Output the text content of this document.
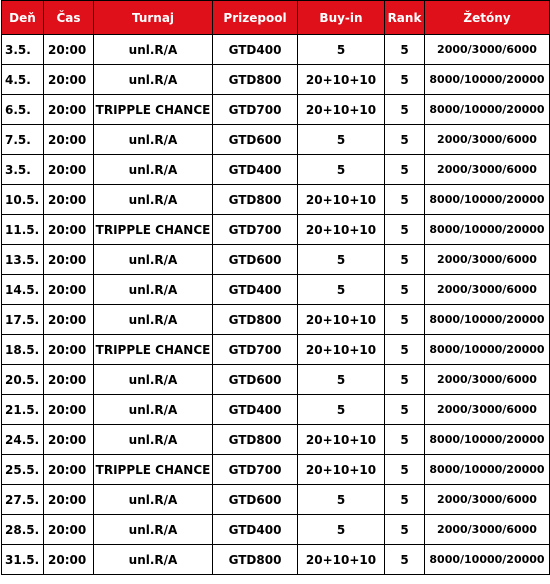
Deň	Čas	Turnaj	Prizepool	Buy-in	Rank	Žetóny
3.5.	20:00	unl.R/A	GTD400	5	5	2000/3000/6000
4.5.	20:00	unl.R/A	GTD800	20+10+10	5	8000/10000/20000
6.5.	20:00	TRIPPLE CHANCE	GTD700	20+10+10	5	8000/10000/20000
7.5.	20:00	unl.R/A	GTD600	5	5	2000/3000/6000
3.5.	20:00	unl.R/A	GTD400	5	5	2000/3000/6000
10.5.	20:00	unl.R/A	GTD800	20+10+10	5	8000/10000/20000
11.5.	20:00	TRIPPLE CHANCE	GTD700	20+10+10	5	8000/10000/20000
13.5.	20:00	unl.R/A	GTD600	5	5	2000/3000/6000
14.5.	20:00	unl.R/A	GTD400	5	5	2000/3000/6000
17.5.	20:00	unl.R/A	GTD800	20+10+10	5	8000/10000/20000
18.5.	20:00	TRIPPLE CHANCE	GTD700	20+10+10	5	8000/10000/20000
20.5.	20:00	unl.R/A	GTD600	5	5	2000/3000/6000
21.5.	20:00	unl.R/A	GTD400	5	5	2000/3000/6000
24.5.	20:00	unl.R/A	GTD800	20+10+10	5	8000/10000/20000
25.5.	20:00	TRIPPLE CHANCE	GTD700	20+10+10	5	8000/10000/20000
27.5.	20:00	unl.R/A	GTD600	5	5	2000/3000/6000
28.5.	20:00	unl.R/A	GTD400	5	5	2000/3000/6000
31.5.	20:00	unl.R/A	GTD800	20+10+10	5	8000/10000/20000
